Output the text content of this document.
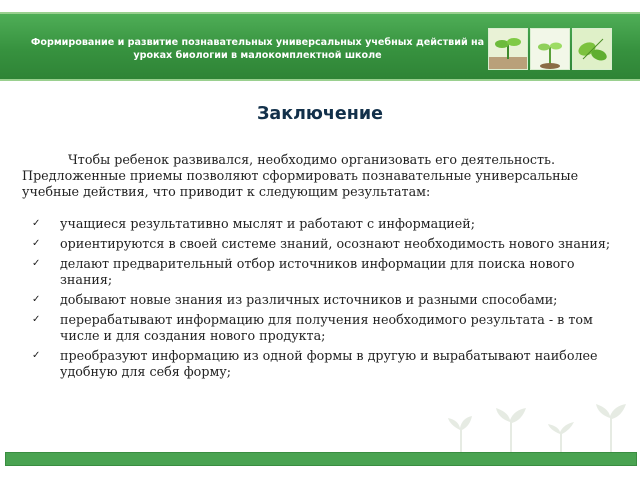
Формирование и развитие познавательных универсальных учебных действий на уроках биологии в малокомплектной школе
Заключение

Чтобы ребенок развивался, необходимо организовать его деятельность.

Предложенные приемы позволяют сформировать познавательные универсальные учебные действия, что приводит к следующим результатам:

✓ учащиеся результативно мыслят и работают с информацией;
✓ ориентируются в своей системе знаний, осознают необходимость нового знания;
✓ делают предварительный отбор источников информации для поиска нового знания;
✓ добывают новые знания из различных источников и разными способами;
✓ перерабатывают информацию для получения необходимого результата - в том числе и для создания нового продукта;
✓ преобразуют информацию из одной формы в другую и вырабатывают наиболее удобную для себя форму;
